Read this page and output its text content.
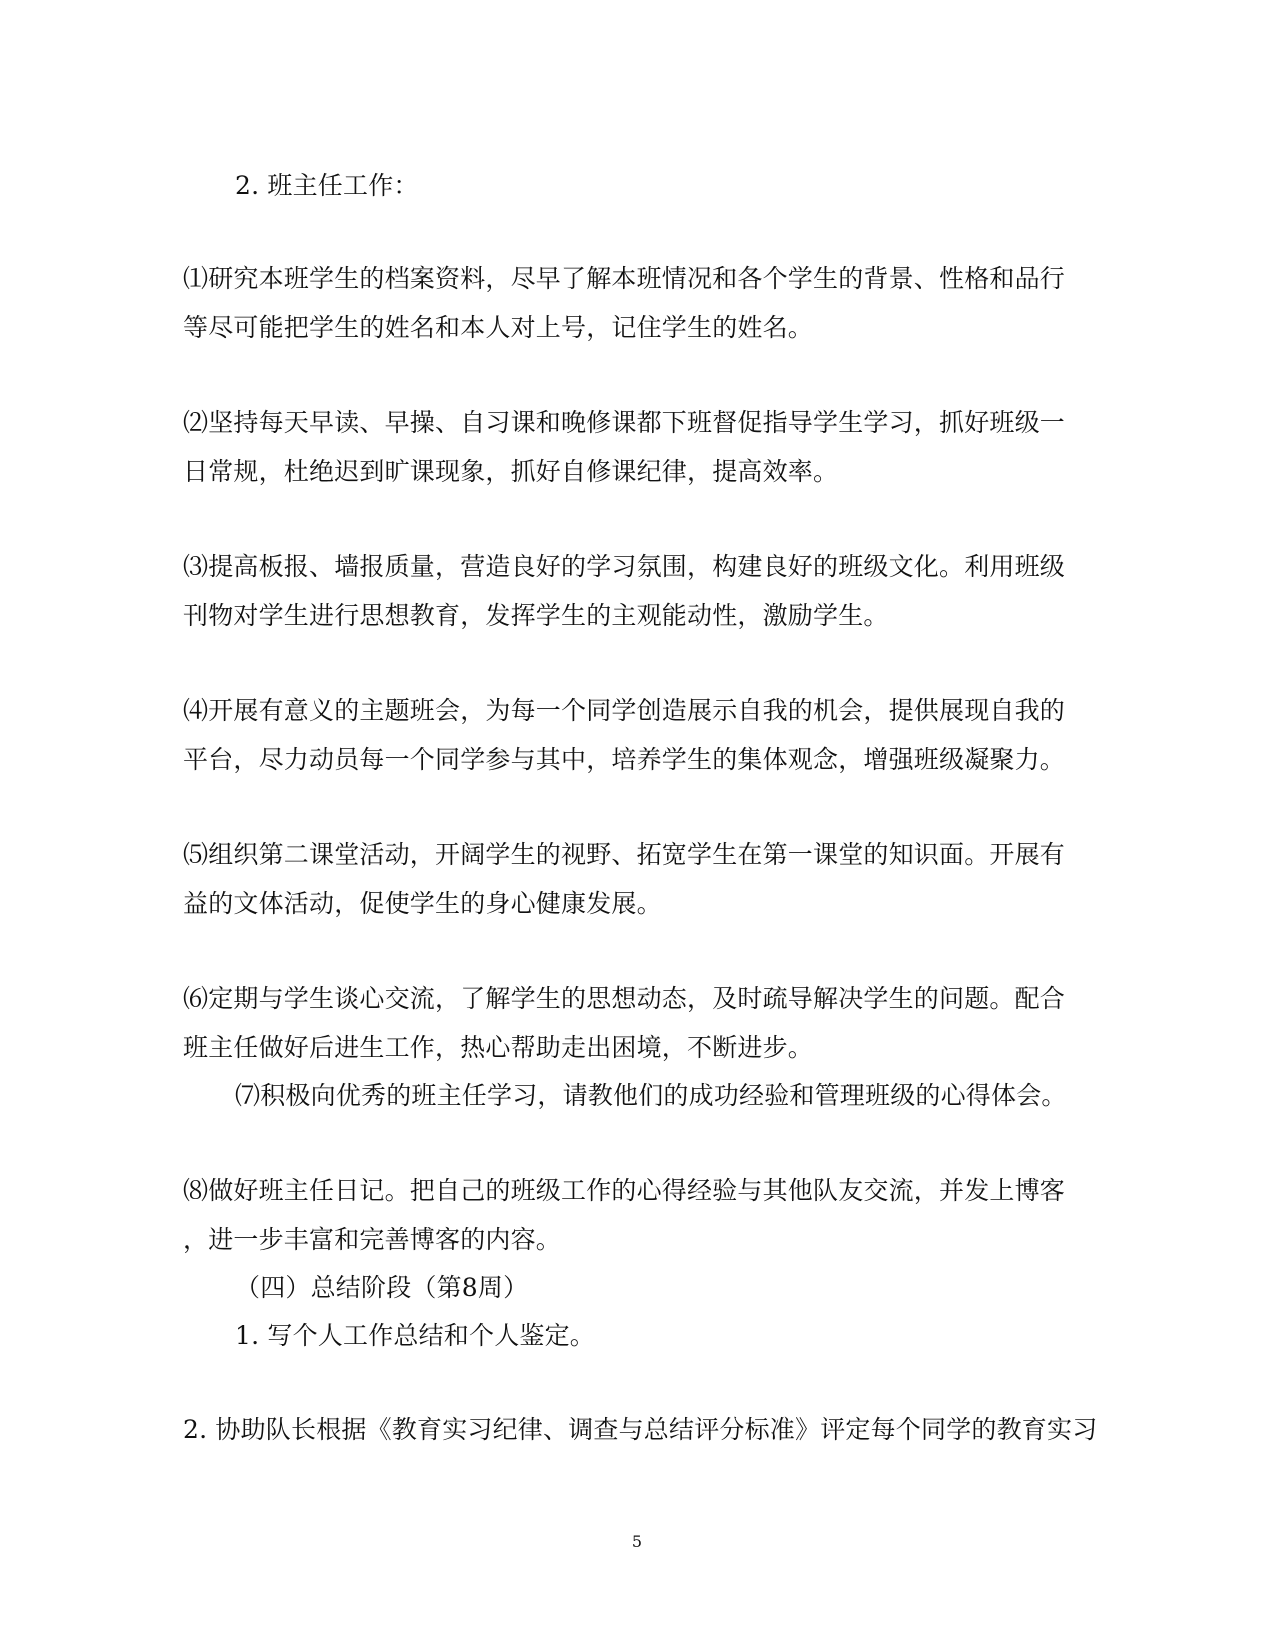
2. 班主任工作：
⑴研究本班学生的档案资料，尽早了解本班情况和各个学生的背景、性格和品行
等尽可能把学生的姓名和本人对上号，记住学生的姓名。
⑵坚持每天早读、早操、自习课和晚修课都下班督促指导学生学习，抓好班级一
日常规，杜绝迟到旷课现象，抓好自修课纪律，提高效率。
⑶提高板报、墙报质量，营造良好的学习氛围，构建良好的班级文化。利用班级
刊物对学生进行思想教育，发挥学生的主观能动性，激励学生。
⑷开展有意义的主题班会，为每一个同学创造展示自我的机会，提供展现自我的
平台，尽力动员每一个同学参与其中，培养学生的集体观念，增强班级凝聚力。
⑸组织第二课堂活动，开阔学生的视野、拓宽学生在第一课堂的知识面。开展有
益的文体活动，促使学生的身心健康发展。
⑹定期与学生谈心交流，了解学生的思想动态，及时疏导解决学生的问题。配合
班主任做好后进生工作，热心帮助走出困境，不断进步。
⑺积极向优秀的班主任学习，请教他们的成功经验和管理班级的心得体会。
⑻做好班主任日记。把自己的班级工作的心得经验与其他队友交流，并发上博客
，进一步丰富和完善博客的内容。
（四）总结阶段（第8周）
1. 写个人工作总结和个人鉴定。
2. 协助队长根据《教育实习纪律、调查与总结评分标准》评定每个同学的教育实习
5
